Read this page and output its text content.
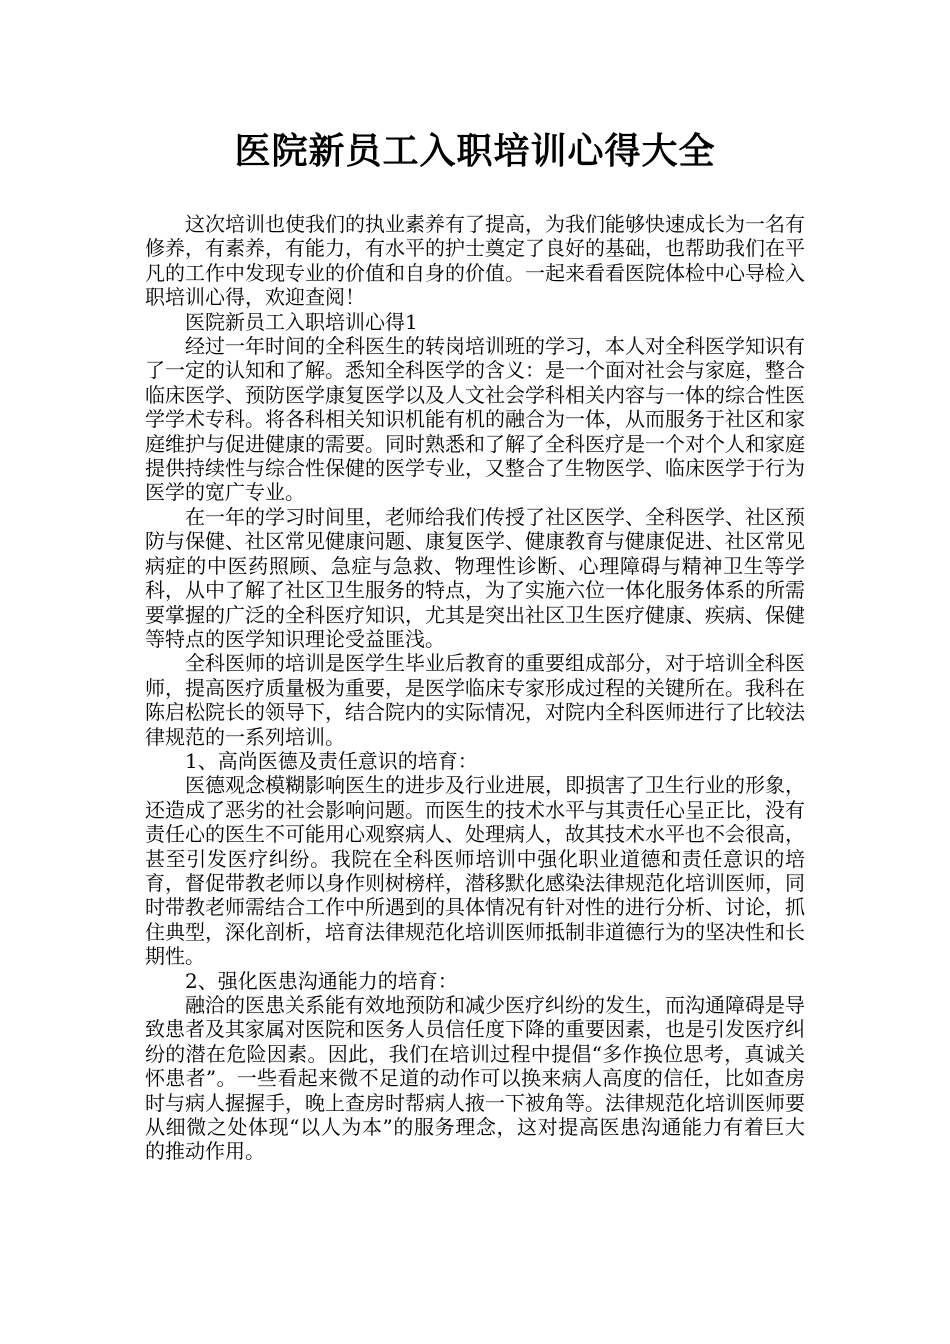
医院新员工入职培训心得大全

这次培训也使我们的执业素养有了提高，为我们能够快速成长为一名有修养，有素养，有能力，有水平的护士奠定了良好的基础，也帮助我们在平凡的工作中发现专业的价值和自身的价值。一起来看看医院体检中心导检入职培训心得，欢迎查阅！

医院新员工入职培训心得1

经过一年时间的全科医生的转岗培训班的学习，本人对全科医学知识有了一定的认知和了解。悉知全科医学的含义：是一个面对社会与家庭，整合临床医学、预防医学康复医学以及人文社会学科相关内容与一体的综合性医学学术专科。将各科相关知识机能有机的融合为一体，从而服务于社区和家庭维护与促进健康的需要。同时熟悉和了解了全科医疗是一个对个人和家庭提供持续性与综合性保健的医学专业，又整合了生物医学、临床医学于行为医学的宽广专业。

在一年的学习时间里，老师给我们传授了社区医学、全科医学、社区预防与保健、社区常见健康问题、康复医学、健康教育与健康促进、社区常见病症的中医药照顾、急症与急救、物理性诊断、心理障碍与精神卫生等学科，从中了解了社区卫生服务的特点，为了实施六位一体化服务体系的所需要掌握的广泛的全科医疗知识，尤其是突出社区卫生医疗健康、疾病、保健等特点的医学知识理论受益匪浅。

全科医师的培训是医学生毕业后教育的重要组成部分，对于培训全科医师，提高医疗质量极为重要，是医学临床专家形成过程的关键所在。我科在陈启松院长的领导下，结合院内的实际情况，对院内全科医师进行了比较法律规范的一系列培训。

1、高尚医德及责任意识的培育：

医德观念模糊影响医生的进步及行业进展，即损害了卫生行业的形象，还造成了恶劣的社会影响问题。而医生的技术水平与其责任心呈正比，没有责任心的医生不可能用心观察病人、处理病人，故其技术水平也不会很高，甚至引发医疗纠纷。我院在全科医师培训中强化职业道德和责任意识的培育，督促带教老师以身作则树榜样，潜移默化感染法律规范化培训医师，同时带教老师需结合工作中所遇到的具体情况有针对性的进行分析、讨论，抓住典型，深化剖析，培育法律规范化培训医师抵制非道德行为的坚决性和长期性。

2、强化医患沟通能力的培育：

融洽的医患关系能有效地预防和减少医疗纠纷的发生，而沟通障碍是导致患者及其家属对医院和医务人员信任度下降的重要因素，也是引发医疗纠纷的潜在危险因素。因此，我们在培训过程中提倡“多作换位思考，真诚关怀患者”。一些看起来微不足道的动作可以换来病人高度的信任，比如查房时与病人握握手，晚上查房时帮病人掖一下被角等。法律规范化培训医师要从细微之处体现“以人为本”的服务理念，这对提高医患沟通能力有着巨大的推动作用。
